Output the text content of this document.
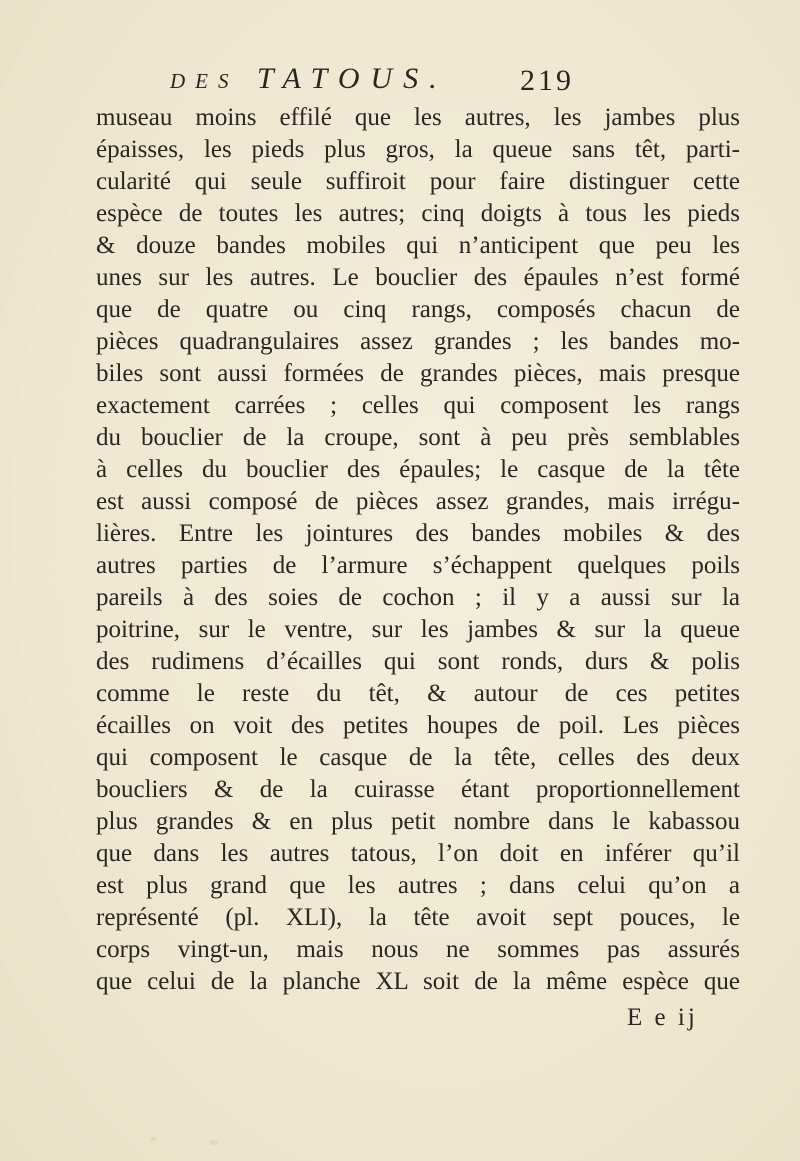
DES TATOUS.	219
museau moins effilé que les autres, les jambes plus
épaisses, les pieds plus gros, la queue sans têt, parti-
cularité qui seule suffiroit pour faire distinguer cette
espèce de toutes les autres; cinq doigts à tous les pieds
& douze bandes mobiles qui n’anticipent que peu les
unes sur les autres. Le bouclier des épaules n’est formé
que de quatre ou cinq rangs, composés chacun de
pièces quadrangulaires assez grandes ; les bandes mo-
biles sont aussi formées de grandes pièces, mais presque
exactement carrées ; celles qui composent les rangs
du bouclier de la croupe, sont à peu près semblables
à celles du bouclier des épaules; le casque de la tête
est aussi composé de pièces assez grandes, mais irrégu-
lières. Entre les jointures des bandes mobiles & des
autres parties de l’armure s’échappent quelques poils
pareils à des soies de cochon ; il y a aussi sur la
poitrine, sur le ventre, sur les jambes & sur la queue
des rudimens d’écailles qui sont ronds, durs & polis
comme le reste du têt, & autour de ces petites
écailles on voit des petites houpes de poil. Les pièces
qui composent le casque de la tête, celles des deux
boucliers & de la cuirasse étant proportionnellement
plus grandes & en plus petit nombre dans le kabassou
que dans les autres tatous, l’on doit en inférer qu’il
est plus grand que les autres ; dans celui qu’on a
représenté (pl. XLI), la tête avoit sept pouces, le
corps vingt-un, mais nous ne sommes pas assurés
que celui de la planche XL soit de la même espèce que
E e ij
